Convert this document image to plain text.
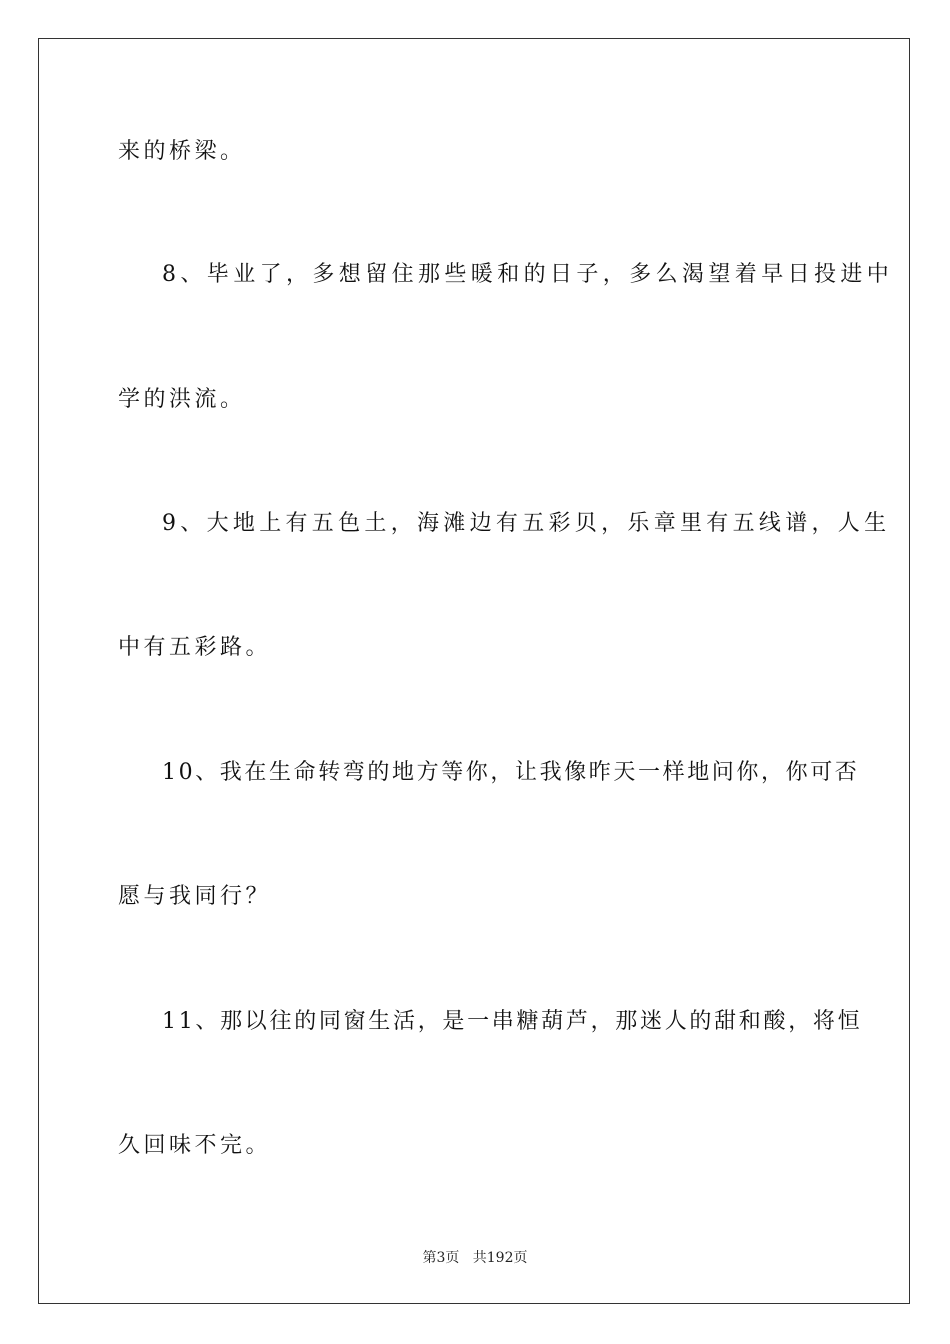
来的桥梁。
8、毕业了，多想留住那些暖和的日子，多么渴望着早日投进中
学的洪流。
9、大地上有五色土，海滩边有五彩贝，乐章里有五线谱，人生
中有五彩路。
10、我在生命转弯的地方等你，让我像昨天一样地问你，你可否
愿与我同行？
11、那以往的同窗生活，是一串糖葫芦，那迷人的甜和酸，将恒
久回味不完。
第3页 共192页
